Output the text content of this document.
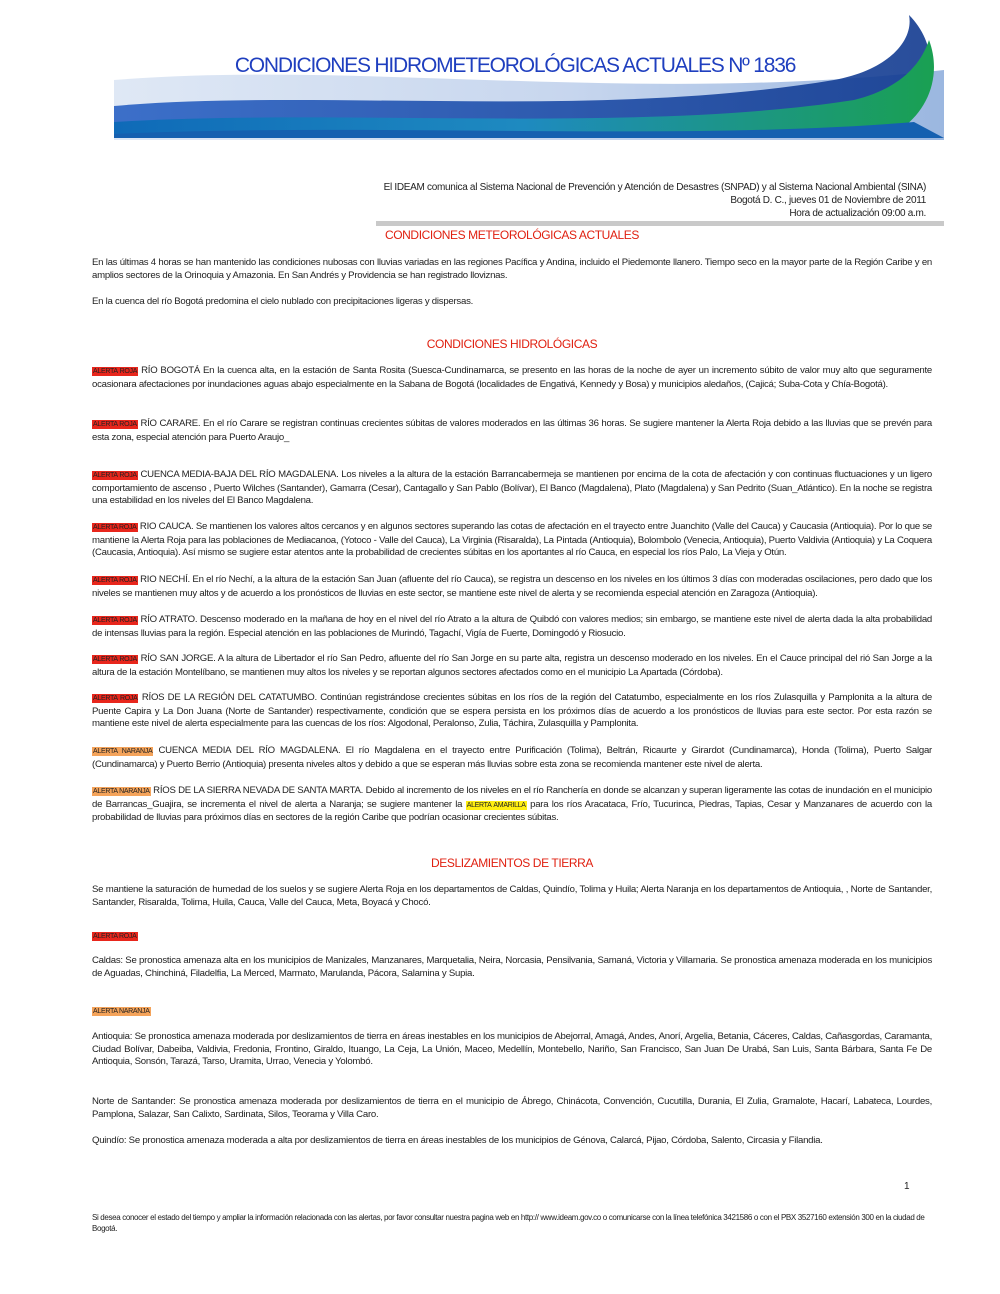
CONDICIONES HIDROMETEOROLÓGICAS ACTUALES Nº 1836
El IDEAM comunica al Sistema Nacional de Prevención y Atención de Desastres (SNPAD) y al Sistema Nacional Ambiental (SINA)
Bogotá D. C., jueves 01 de Noviembre de 2011
Hora de actualización 09:00 a.m.
CONDICIONES METEOROLÓGICAS ACTUALES

En las últimas 4 horas se han mantenido las condiciones nubosas con lluvias variadas en las regiones Pacífica y Andina, incluido el Piedemonte llanero. Tiempo seco en la mayor parte de la Región Caribe y en amplios sectores de la Orinoquia y Amazonia. En San Andrés y Providencia se han registrado lloviznas.

En la cuenca del río Bogotá predomina el cielo nublado con precipitaciones ligeras y dispersas.

CONDICIONES HIDROLÓGICAS

ALERTA ROJA RÍO BOGOTÁ En la cuenca alta, en la estación de Santa Rosita (Suesca-Cundinamarca, se presento en las horas de la noche de ayer un incremento súbito de valor muy alto que seguramente ocasionara afectaciones por inundaciones aguas abajo especialmente en la Sabana de Bogotá (localidades de Engativá, Kennedy y Bosa) y municipios aledaños, (Cajicá; Suba-Cota y Chía-Bogotá).

ALERTA ROJA RÍO CARARE. En el río Carare se registran continuas crecientes súbitas de valores moderados en las últimas 36 horas. Se sugiere mantener la Alerta Roja debido a las lluvias que se prevén para esta zona, especial atención para Puerto Araujo_

ALERTA ROJA CUENCA MEDIA-BAJA DEL RÍO MAGDALENA. Los niveles a la altura de la estación Barrancabermeja se mantienen por encima de la cota de afectación y con continuas fluctuaciones y un ligero comportamiento de ascenso , Puerto Wilches (Santander), Gamarra (Cesar), Cantagallo y San Pablo (Bolívar), El Banco (Magdalena), Plato (Magdalena) y San Pedrito (Suan_Atlántico). En la noche se registra una estabilidad en los niveles del El Banco Magdalena.

ALERTA ROJA RIO CAUCA. Se mantienen los valores altos cercanos y en algunos sectores superando las cotas de afectación en el trayecto entre Juanchito (Valle del Cauca) y Caucasia (Antioquia). Por lo que se mantiene la Alerta Roja para las poblaciones de Mediacanoa, (Yotoco - Valle del Cauca), La Virginia (Risaralda), La Pintada (Antioquia), Bolombolo (Venecia, Antioquia), Puerto Valdivia (Antioquia) y La Coquera (Caucasia, Antioquia). Así mismo se sugiere estar atentos ante la probabilidad de crecientes súbitas en los aportantes al río Cauca, en especial los ríos Palo, La Vieja y Otún.

ALERTA ROJA RIO NECHÍ. En el río Nechí, a la altura de la estación San Juan (afluente del río Cauca), se registra un descenso en los niveles en los últimos 3 días con moderadas oscilaciones, pero dado que los niveles se mantienen muy altos y de acuerdo a los pronósticos de lluvias en este sector, se mantiene este nivel de alerta y se recomienda especial atención en Zaragoza (Antioquia).

ALERTA ROJA RÍO ATRATO. Descenso moderado en la mañana de hoy en el nivel del río Atrato a la altura de Quibdó con valores medios; sin embargo, se mantiene este nivel de alerta dada la alta probabilidad de intensas lluvias para la región. Especial atención en las poblaciones de Murindó, Tagachí, Vigía de Fuerte, Domingodó y Riosucio.

ALERTA ROJA RÍO SAN JORGE. A la altura de Libertador el río San Pedro, afluente del río San Jorge en su parte alta, registra un descenso moderado en los niveles. En el Cauce principal del rió San Jorge a la altura de la estación Montelíbano, se mantienen muy altos los niveles y se reportan algunos sectores afectados como en el municipio La Apartada (Córdoba).

ALERTA ROJA RÍOS DE LA REGIÓN DEL CATATUMBO. Continúan registrándose crecientes súbitas en los ríos de la región del Catatumbo, especialmente en los ríos Zulasquilla y Pamplonita a la altura de Puente Capira y La Don Juana (Norte de Santander) respectivamente, condición que se espera persista en los próximos días de acuerdo a los pronósticos de lluvias para este sector. Por esta razón se mantiene este nivel de alerta especialmente para las cuencas de los ríos: Algodonal, Peralonso, Zulia, Táchira, Zulasquilla y Pamplonita.

ALERTA NARANJA CUENCA MEDIA DEL RÍO MAGDALENA. El río Magdalena en el trayecto entre Purificación (Tolima), Beltrán, Ricaurte y Girardot (Cundinamarca), Honda (Tolima), Puerto Salgar (Cundinamarca) y Puerto Berrio (Antioquia) presenta niveles altos y debido a que se esperan más lluvias sobre esta zona se recomienda mantener este nivel de alerta.

ALERTA NARANJA RÍOS DE LA SIERRA NEVADA DE SANTA MARTA. Debido al incremento de los niveles en el río Ranchería en donde se alcanzan y superan ligeramente las cotas de inundación en el municipio de Barrancas_Guajira, se incrementa el nivel de alerta a Naranja; se sugiere mantener la ALERTA AMARILLA para los ríos Aracataca, Frío, Tucurinca, Piedras, Tapias, Cesar y Manzanares de acuerdo con la probabilidad de lluvias para próximos días en sectores de la región Caribe que podrían ocasionar crecientes súbitas.

DESLIZAMIENTOS DE TIERRA

Se mantiene la saturación de humedad de los suelos y se sugiere Alerta Roja en los departamentos de Caldas, Quindío, Tolima y Huila; Alerta Naranja en los departamentos de Antioquia, , Norte de Santander, Santander, Risaralda, Tolima, Huila, Cauca, Valle del Cauca, Meta, Boyacá y Chocó.

ALERTA ROJA

Caldas: Se pronostica amenaza alta en los municipios de Manizales, Manzanares, Marquetalia, Neira, Norcasia, Pensilvania, Samaná, Victoria y Villamaria. Se pronostica amenaza moderada en los municipios de Aguadas, Chinchiná, Filadelfia, La Merced, Marmato, Marulanda, Pácora, Salamina y Supia.

ALERTA NARANJA

Antioquia: Se pronostica amenaza moderada por deslizamientos de tierra en áreas inestables en los municipios de Abejorral, Amagá, Andes, Anorí, Argelia, Betania, Cáceres, Caldas, Cañasgordas, Caramanta, Ciudad Bolívar, Dabeiba, Valdivia, Fredonia, Frontino, Giraldo, Ituango, La Ceja, La Unión, Maceo, Medellín, Montebello, Nariño, San Francisco, San Juan De Urabá, San Luis, Santa Bárbara, Santa Fe De Antioquia, Sonsón, Tarazá, Tarso, Uramita, Urrao, Venecia y Yolombó.

Norte de Santander: Se pronostica amenaza moderada por deslizamientos de tierra en el municipio de Ábrego, Chinácota, Convención, Cucutilla, Durania, El Zulia, Gramalote, Hacarí, Labateca, Lourdes, Pamplona, Salazar, San Calixto, Sardinata, Silos, Teorama y Villa Caro.

Quindío: Se pronostica amenaza moderada a alta por deslizamientos de tierra en áreas inestables de los municipios de Génova, Calarcá, Pijao, Córdoba, Salento, Circasia y Filandia.

1
Si desea conocer el estado del tiempo y ampliar la información relacionada con las alertas, por favor consultar nuestra pagina web en http:// www.ideam.gov.co o comunicarse con la línea telefónica 3421586 o con el PBX 3527160 extensión 300 en la ciudad de Bogotá.
